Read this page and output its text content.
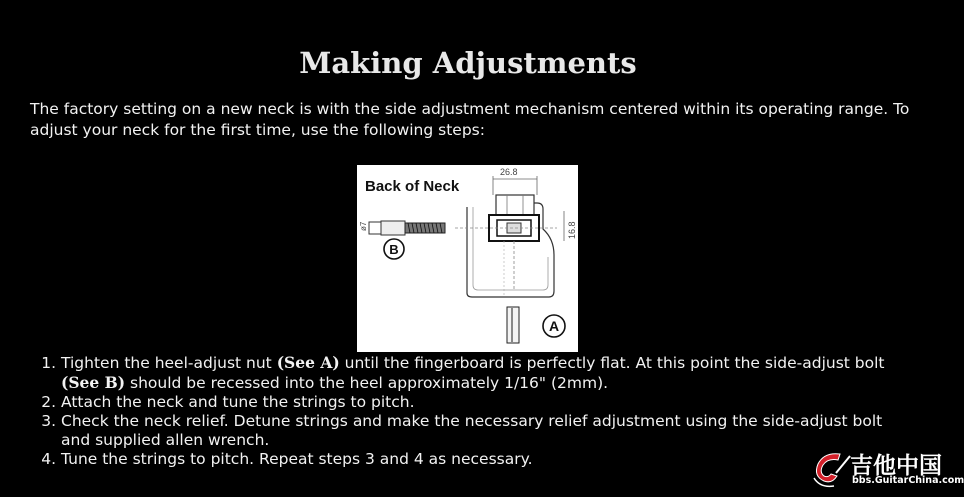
Making Adjustments

The factory setting on a new neck is with the side adjustment mechanism centered within its operating range. To adjust your neck for the first time, use the following steps:

Back of Neck
26.8
16.8
ø7
B
A
1. Tighten the heel-adjust nut (See A) until the fingerboard is perfectly flat. At this point the side-adjust bolt (See B) should be recessed into the heel approximately 1/16" (2mm).
2. Attach the neck and tune the strings to pitch.
3. Check the neck relief. Detune strings and make the necessary relief adjustment using the side-adjust bolt and supplied allen wrench.
4. Tune the strings to pitch. Repeat steps 3 and 4 as necessary.	吉他中国
bbs.GuitarChina.com
